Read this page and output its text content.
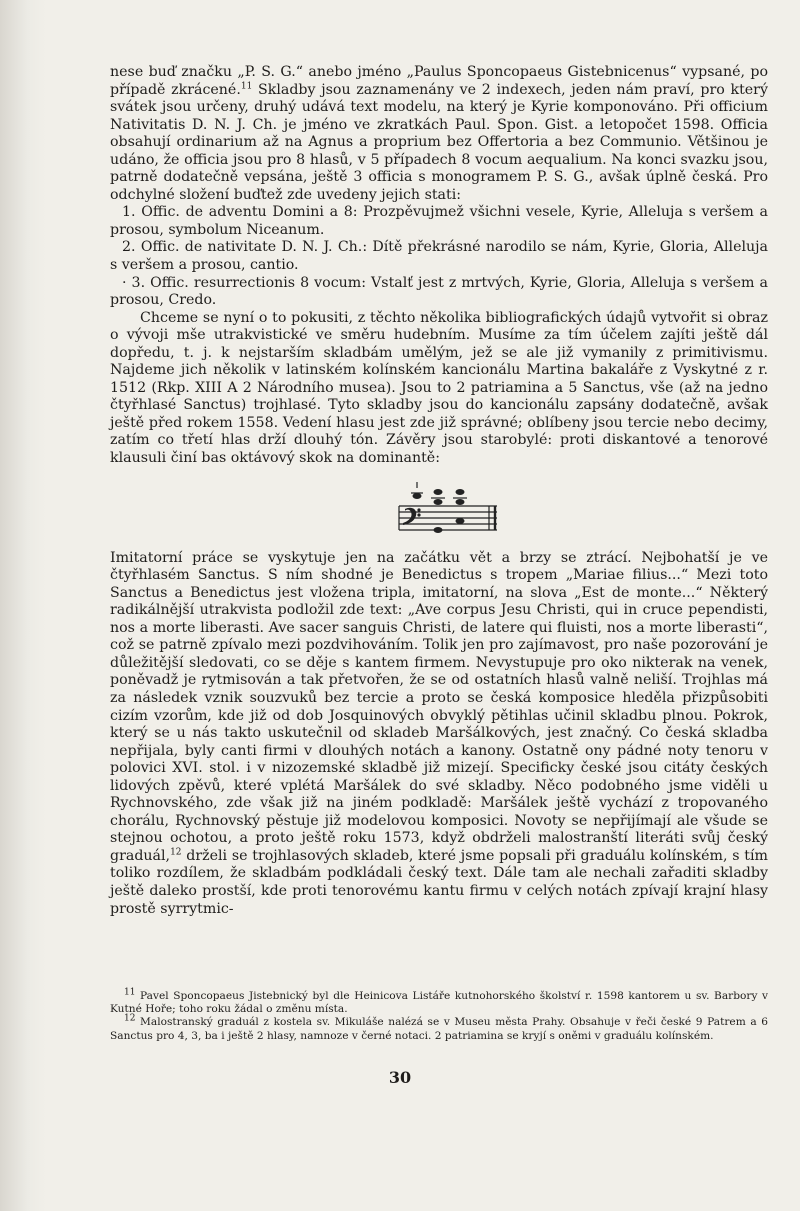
nese buď značku „P. S. G.“ anebo jméno „Paulus Sponcopaeus Gistebnicenus“ vypsané, po případě zkrácené.$^{11}$ Skladby jsou zaznamenány ve 2 indexech, jeden nám praví, pro který svátek jsou určeny, druhý udává text modelu, na který je Kyrie komponováno. Při officium Nativitatis D. N. J. Ch. je jméno ve zkratkách Paul. Spon. Gist. a letopočet 1598. Officia obsahují ordinarium až na Agnus a proprium bez Offertoria a bez Communio. Většinou je udáno, že officia jsou pro 8 hlasů, v 5 případech 8 vocum aequalium. Na konci svazku jsou, patrně dodatečně vepsána, ještě 3 officia s monogramem P. S. G., avšak úplně česká. Pro odchylné složení buďtež zde uvedeny jejich stati:

1. Offic. de adventu Domini a 8: Prozpěvujmež všichni vesele, Kyrie, Alleluja s veršem a prosou, symbolum Niceanum.

2. Offic. de nativitate D. N. J. Ch.: Dítě překrásné narodilo se nám, Kyrie, Gloria, Alleluja s veršem a prosou, cantio.

· 3. Offic. resurrectionis 8 vocum: Vstalť jest z mrtvých, Kyrie, Gloria, Alleluja s veršem a prosou, Credo.

Chceme se nyní o to pokusiti, z těchto několika bibliografických údajů vytvořit si obraz o vývoji mše utrakvistické ve směru hudebním. Musíme za tím účelem zajíti ještě dál dopředu, t. j. k nejstarším skladbám umělým, jež se ale již vymanily z primitivismu. Najdeme jich několik v latinském kolínském kancionálu Martina bakaláře z Vyskytné z r. 1512 (Rkp. XIII A 2 Národního musea). Jsou to 2 patriamina a 5 Sanctus, vše (až na jedno čtyřhlasé Sanctus) trojhlasé. Tyto skladby jsou do kancionálu zapsány dodatečně, avšak ještě před rokem 1558. Vedení hlasu jest zde již správné; oblíbeny jsou tercie nebo decimy, zatím co třetí hlas drží dlouhý tón. Závěry jsou starobylé: proti diskantové a tenorové klausuli činí bas oktávový skok na dominantě:

Imitatorní práce se vyskytuje jen na začátku vět a brzy se ztrácí. Nejbohatší je ve čtyřhlasém Sanctus. S ním shodné je Benedictus s tropem „Mariae filius...“ Mezi toto Sanctus a Benedictus jest vložena tripla, imitatorní, na slova „Est de monte...“ Některý radikálnější utrakvista podložil zde text: „Ave corpus Jesu Christi, qui in cruce pependisti, nos a morte liberasti. Ave sacer sanguis Christi, de latere qui fluisti, nos a morte liberasti“, což se patrně zpívalo mezi pozdvihováním. Tolik jen pro zajímavost, pro naše pozorování je důležitější sledovati, co se děje s kantem firmem. Nevystupuje pro oko nikterak na venek, poněvadž je rytmisován a tak přetvořen, že se od ostatních hlasů valně neliší. Trojhlas má za následek vznik souzvuků bez tercie a proto se česká komposice hleděla přizpůsobiti cizím vzorům, kde již od dob Josquinových obvyklý pětihlas učinil skladbu plnou. Pokrok, který se u nás takto uskutečnil od skladeb Maršálkových, jest značný. Co česká skladba nepřijala, byly canti firmi v dlouhých notách a kanony. Ostatně ony pádné noty tenoru v polovici XVI. stol. i v nizozemské skladbě již mizejí. Specificky české jsou citáty českých lidových zpěvů, které vplétá Maršálek do své skladby. Něco podobného jsme viděli u Rychnovského, zde však již na jiném podkladě: Maršálek ještě vychází z tropovaného chorálu, Rychnovský pěstuje již modelovou komposici. Novoty se nepřijímají ale všude se stejnou ochotou, a proto ještě roku 1573, když obdrželi malostranští literáti svůj český graduál,$^{12}$ drželi se trojhlasových skladeb, které jsme popsali při graduálu kolínském, s tím toliko rozdílem, že skladbám podkládali český text. Dále tam ale nechali zařaditi skladby ještě daleko prostší, kde proti tenorovému kantu firmu v celých notách zpívají krajní hlasy prostě syrrytmic-

$^{11}$ Pavel Sponcopaeus Jistebnický byl dle Heinicova Listáře kutnohorského školství r. 1598 kantorem u sv. Barbory v Kutné Hoře; toho roku žádal o změnu místa.

$^{12}$ Malostranský graduál z kostela sv. Mikuláše nalézá se v Museu města Prahy. Obsahuje v řeči české 9 Patrem a 6 Sanctus pro 4, 3, ba i ještě 2 hlasy, namnoze v černé notaci. 2 patriamina se kryjí s oněmi v graduálu kolínském.

30
